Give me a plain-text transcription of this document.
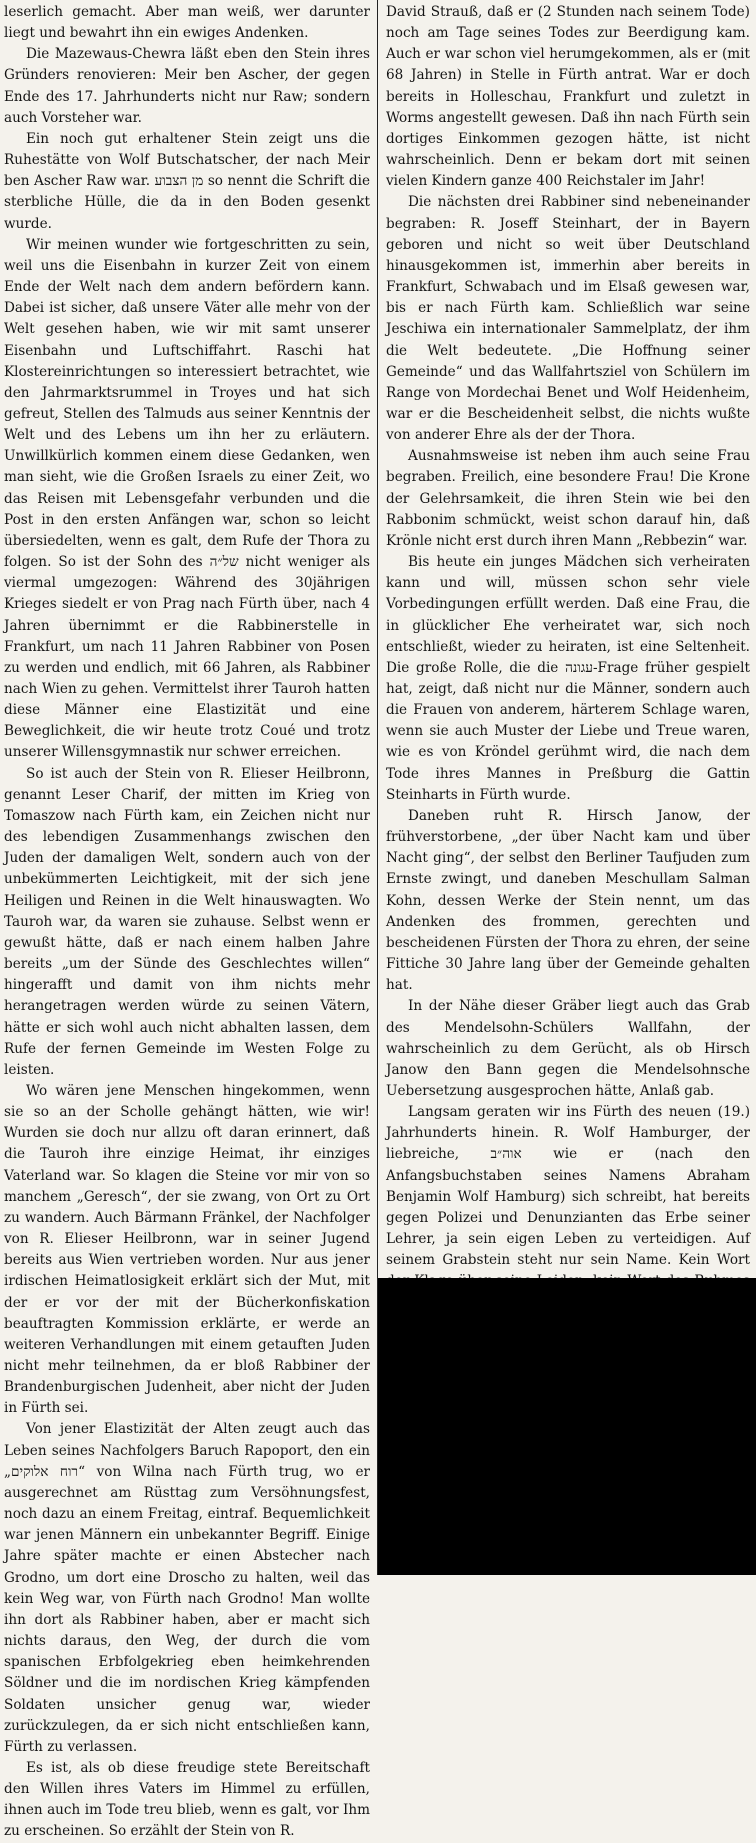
leserlich gemacht. Aber man weiß, wer darunter liegt und bewahrt ihn ein ewiges Andenken.

Die Mazewaus-Chewra läßt eben den Stein ihres Gründers renovieren: Meir ben Ascher, der gegen Ende des 17. Jahrhunderts nicht nur Raw; sondern auch Vorsteher war.

Ein noch gut erhaltener Stein zeigt uns die Ruhestätte von Wolf Butschatscher, der nach Meir ben Ascher Raw war. מן הצבוע so nennt die Schrift die sterbliche Hülle, die da in den Boden gesenkt wurde.

Wir meinen wunder wie fortgeschritten zu sein, weil uns die Eisenbahn in kurzer Zeit von einem Ende der Welt nach dem andern befördern kann. Dabei ist sicher, daß unsere Väter alle mehr von der Welt gesehen haben, wie wir mit samt unserer Eisenbahn und Luftschiffahrt. Raschi hat Klostereinrichtungen so interessiert betrachtet, wie den Jahrmarktsrummel in Troyes und hat sich gefreut, Stellen des Talmuds aus seiner Kenntnis der Welt und des Lebens um ihn her zu erläutern. Unwillkürlich kommen einem diese Gedanken, wen man sieht, wie die Großen Israels zu einer Zeit, wo das Reisen mit Lebensgefahr verbunden und die Post in den ersten Anfängen war, schon so leicht übersiedelten, wenn es galt, dem Rufe der Thora zu folgen. So ist der Sohn des של״ה nicht weniger als viermal umgezogen: Während des 30jährigen Krieges siedelt er von Prag nach Fürth über, nach 4 Jahren übernimmt er die Rabbinerstelle in Frankfurt, um nach 11 Jahren Rabbiner von Posen zu werden und endlich, mit 66 Jahren, als Rabbiner nach Wien zu gehen. Vermittelst ihrer Tauroh hatten diese Männer eine Elastizität und eine Beweglichkeit, die wir heute trotz Coué und trotz unserer Willensgymnastik nur schwer erreichen.

So ist auch der Stein von R. Elieser Heilbronn, genannt Leser Charif, der mitten im Krieg von Tomaszow nach Fürth kam, ein Zeichen nicht nur des lebendigen Zusammenhangs zwischen den Juden der damaligen Welt, sondern auch von der unbekümmerten Leichtigkeit, mit der sich jene Heiligen und Reinen in die Welt hinauswagten. Wo Tauroh war, da waren sie zuhause. Selbst wenn er gewußt hätte, daß er nach einem halben Jahre bereits „um der Sünde des Geschlechtes willen“ hingerafft und damit von ihm nichts mehr herangetragen werden würde zu seinen Vätern, hätte er sich wohl auch nicht abhalten lassen, dem Rufe der fernen Gemeinde im Westen Folge zu leisten.

Wo wären jene Menschen hingekommen, wenn sie so an der Scholle gehängt hätten, wie wir! Wurden sie doch nur allzu oft daran erinnert, daß die Tauroh ihre einzige Heimat, ihr einziges Vaterland war. So klagen die Steine vor mir von so manchem „Geresch“, der sie zwang, von Ort zu Ort zu wandern. Auch Bärmann Fränkel, der Nachfolger von R. Elieser Heilbronn, war in seiner Jugend bereits aus Wien vertrieben worden. Nur aus jener irdischen Heimatlosigkeit erklärt sich der Mut, mit der er vor der mit der Bücherkonfiskation beauftragten Kommission erklärte, er werde an weiteren Verhandlungen mit einem getauften Juden nicht mehr teilnehmen, da er bloß Rabbiner der Brandenburgischen Judenheit, aber nicht der Juden in Fürth sei.

Von jener Elastizität der Alten zeugt auch das Leben seines Nachfolgers Baruch Rapoport, den ein „רוח אלוקים“ von Wilna nach Fürth trug, wo er ausgerechnet am Rüsttag zum Versöhnungsfest, noch dazu an einem Freitag, eintraf. Bequemlichkeit war jenen Männern ein unbekannter Begriff. Einige Jahre später machte er einen Abstecher nach Grodno, um dort eine Droscho zu halten, weil das kein Weg war, von Fürth nach Grodno! Man wollte ihn dort als Rabbiner haben, aber er macht sich nichts daraus, den Weg, der durch die vom spanischen Erbfolgekrieg eben heimkehrenden Söldner und die im nordischen Krieg kämpfenden Soldaten unsicher genug war, wieder zurückzulegen, da er sich nicht entschließen kann, Fürth zu verlassen.

Es ist, als ob diese freudige stete Bereitschaft den Willen ihres Vaters im Himmel zu erfüllen, ihnen auch im Tode treu blieb, wenn es galt, vor Ihm zu erscheinen. So erzählt der Stein von R.

David Strauß, daß er (2 Stunden nach seinem Tode) noch am Tage seines Todes zur Beerdigung kam. Auch er war schon viel herumgekommen, als er (mit 68 Jahren) in Stelle in Fürth antrat. War er doch bereits in Holleschau, Frankfurt und zuletzt in Worms angestellt gewesen. Daß ihn nach Fürth sein dortiges Einkommen gezogen hätte, ist nicht wahrscheinlich. Denn er bekam dort mit seinen vielen Kindern ganze 400 Reichstaler im Jahr!

Die nächsten drei Rabbiner sind nebeneinander begraben: R. Joseff Steinhart, der in Bayern geboren und nicht so weit über Deutschland hinausgekommen ist, immerhin aber bereits in Frankfurt, Schwabach und im Elsaß gewesen war, bis er nach Fürth kam. Schließlich war seine Jeschiwa ein internationaler Sammelplatz, der ihm die Welt bedeutete. „Die Hoffnung seiner Gemeinde“ und das Wallfahrtsziel von Schülern im Range von Mordechai Benet und Wolf Heidenheim, war er die Bescheidenheit selbst, die nichts wußte von anderer Ehre als der der Thora.

Ausnahmsweise ist neben ihm auch seine Frau begraben. Freilich, eine besondere Frau! Die Krone der Gelehrsamkeit, die ihren Stein wie bei den Rabbonim schmückt, weist schon darauf hin, daß Krönle nicht erst durch ihren Mann „Rebbezin“ war.

Bis heute ein junges Mädchen sich verheiraten kann und will, müssen schon sehr viele Vorbedingungen erfüllt werden. Daß eine Frau, die in glücklicher Ehe verheiratet war, sich noch entschließt, wieder zu heiraten, ist eine Seltenheit. Die große Rolle, die die עגונה-Frage früher gespielt hat, zeigt, daß nicht nur die Männer, sondern auch die Frauen von anderem, härterem Schlage waren, wenn sie auch Muster der Liebe und Treue waren, wie es von Kröndel gerühmt wird, die nach dem Tode ihres Mannes in Preßburg die Gattin Steinharts in Fürth wurde.

Daneben ruht R. Hirsch Janow, der frühverstorbene, „der über Nacht kam und über Nacht ging“, der selbst den Berliner Taufjuden zum Ernste zwingt, und daneben Meschullam Salman Kohn, dessen Werke der Stein nennt, um das Andenken des frommen, gerechten und bescheidenen Fürsten der Thora zu ehren, der seine Fittiche 30 Jahre lang über der Gemeinde gehalten hat.

In der Nähe dieser Gräber liegt auch das Grab des Mendelsohn-Schülers Wallfahn, der wahrscheinlich zu dem Gerücht, als ob Hirsch Janow den Bann gegen die Mendelsohnsche Uebersetzung ausgesprochen hätte, Anlaß gab.

Langsam geraten wir ins Fürth des neuen (19.) Jahrhunderts hinein. R. Wolf Hamburger, der liebreiche, אוה״ב wie er (nach den Anfangsbuchstaben seines Namens Abraham Benjamin Wolf Hamburg) sich schreibt, hat bereits gegen Polizei und Denunzianten das Erbe seiner Lehrer, ja sein eigen Leben zu verteidigen. Auf seinem Grabstein steht nur sein Name. Kein Wort
